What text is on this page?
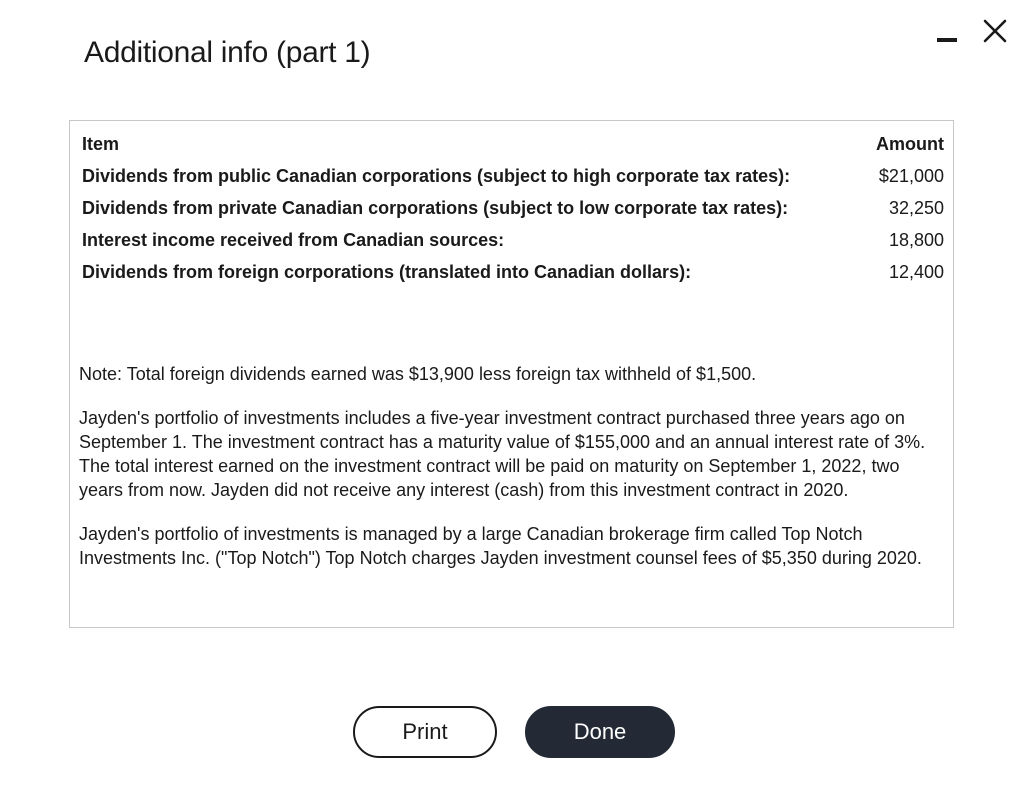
Additional info (part 1)
Item	Amount
Dividends from public Canadian corporations (subject to high corporate tax rates):	$21,000
Dividends from private Canadian corporations (subject to low corporate tax rates):	32,250
Interest income received from Canadian sources:	18,800
Dividends from foreign corporations (translated into Canadian dollars):	12,400

Note: Total foreign dividends earned was $13,900 less foreign tax withheld of $1,500.

Jayden's portfolio of investments includes a five-year investment contract purchased three years ago on September 1. The investment contract has a maturity value of $155,000 and an annual interest rate of 3%. The total interest earned on the investment contract will be paid on maturity on September 1, 2022, two years from now. Jayden did not receive any interest (cash) from this investment contract in 2020.

Jayden's portfolio of investments is managed by a large Canadian brokerage firm called Top Notch Investments Inc. ("Top Notch") Top Notch charges Jayden investment counsel fees of $5,350 during 2020.

Print	Done
